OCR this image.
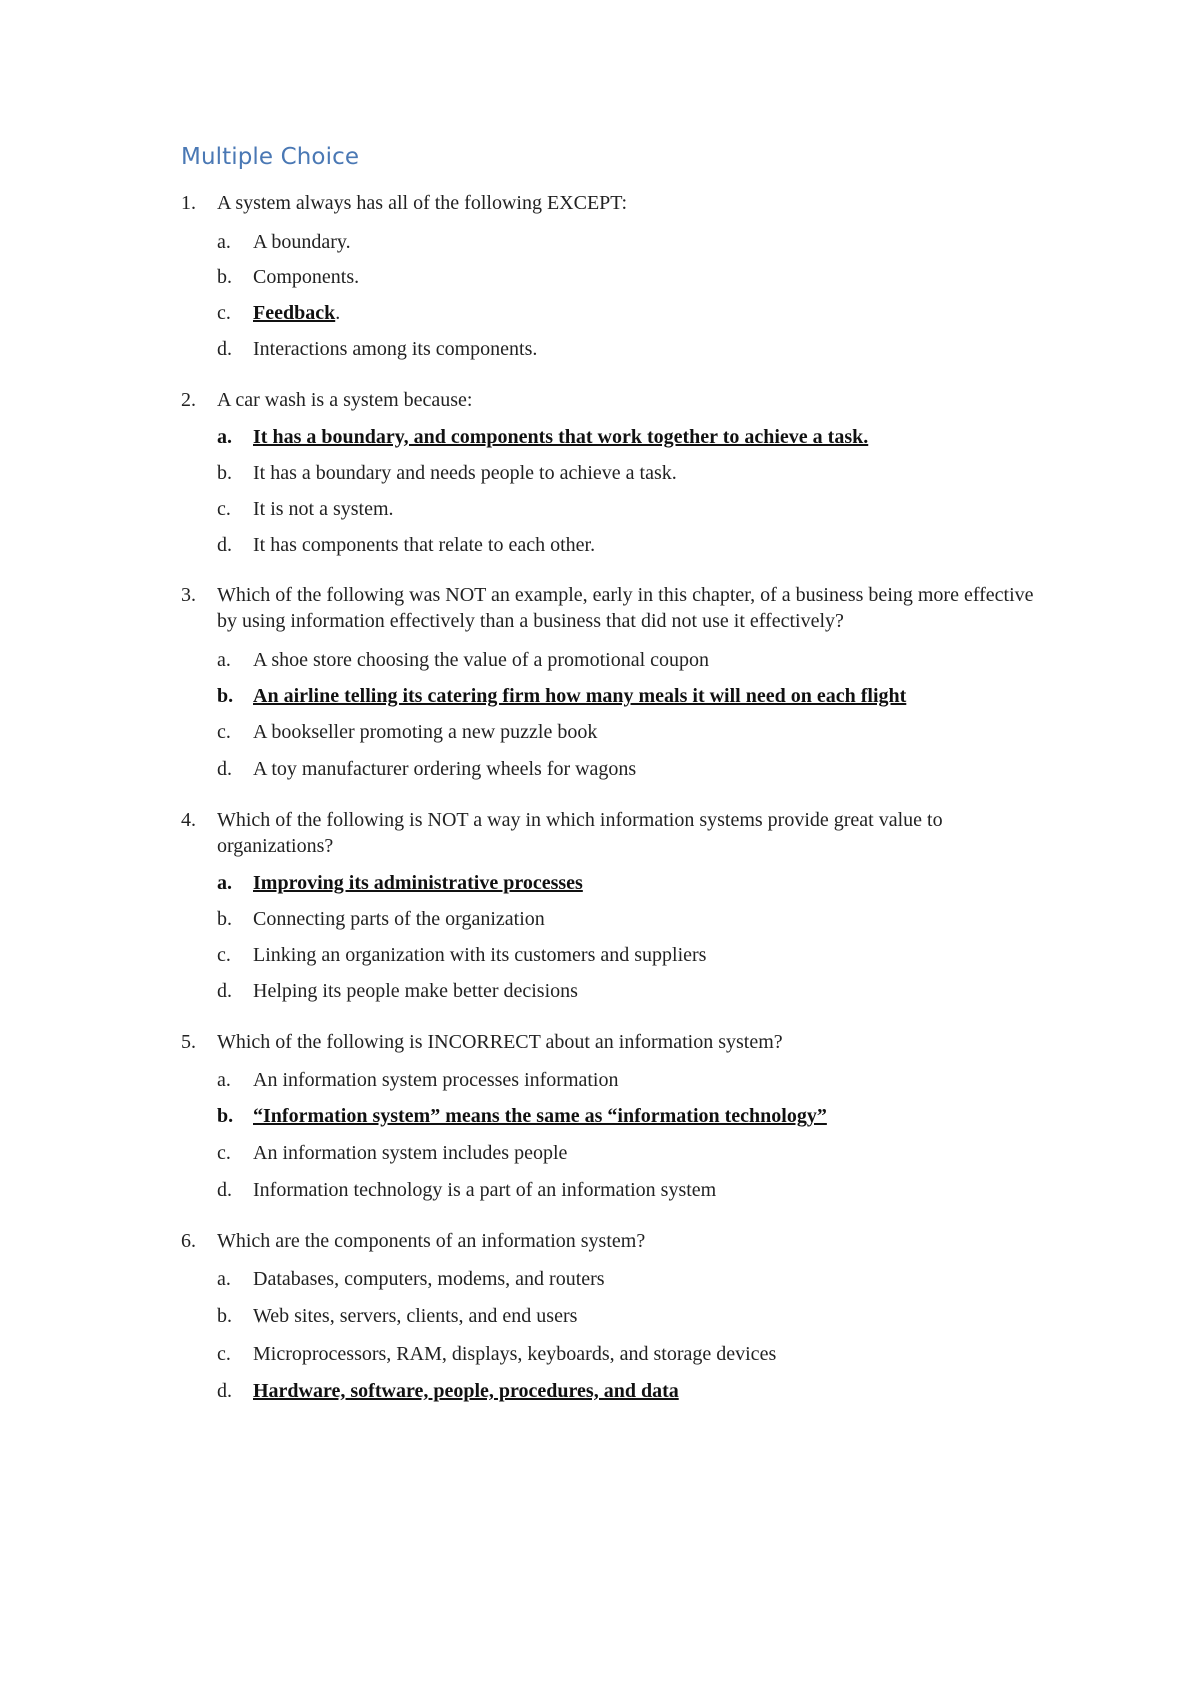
Multiple Choice
1.	A system always has all of the following EXCEPT:
a.	A boundary.
b.	Components.
c.	Feedback.
d.	Interactions among its components.
2.	A car wash is a system because:
a.	It has a boundary, and components that work together to achieve a task.
b.	It has a boundary and needs people to achieve a task.
c.	It is not a system.
d.	It has components that relate to each other.
3.	Which of the following was NOT an example, early in this chapter, of a business being more effective by using information effectively than a business that did not use it effectively?
a.	A shoe store choosing the value of a promotional coupon
b. An airline telling its catering firm how many meals it will need on each flight
c.	A bookseller promoting a new puzzle book
d.	A toy manufacturer ordering wheels for wagons
4.	Which of the following is NOT a way in which information systems provide great value to organizations?
a.	Improving its administrative processes
b.	Connecting parts of the organization
c.	Linking an organization with its customers and suppliers
d.	Helping its people make better decisions
5.	Which of the following is INCORRECT about an information system?
a.	An information system processes information
b. “Information system” means the same as “information technology”
c.	An information system includes people
d.	Information technology is a part of an information system
6.	Which are the components of an information system?
a.	Databases, computers, modems, and routers
b.	Web sites, servers, clients, and end users
c.	Microprocessors, RAM, displays, keyboards, and storage devices
d.	Hardware, software, people, procedures, and data
